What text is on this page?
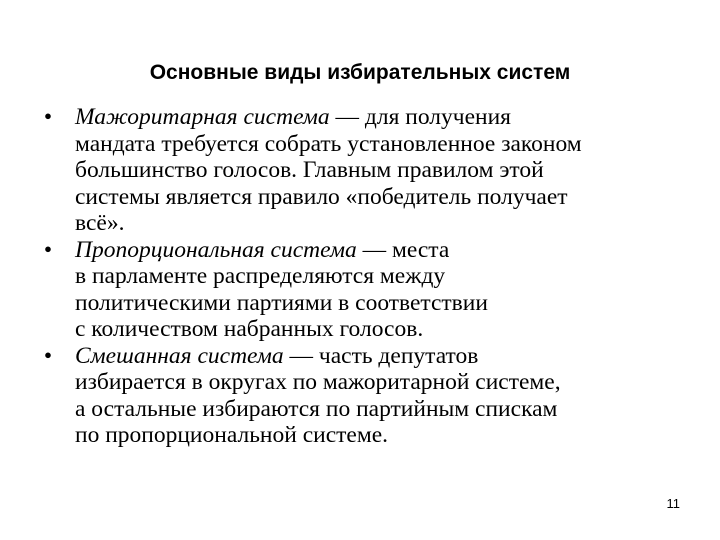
Основные виды избирательных систем
• Мажоритарная система — для получения
мандата требуется собрать установленное законом
большинство голосов. Главным правилом этой
системы является правило «победитель получает
всё».
• Пропорциональная система — места
в парламенте распределяются между
политическими партиями в соответствии
с количеством набранных голосов.
• Смешанная система — часть депутатов
избирается в округах по мажоритарной системе,
а остальные избираются по партийным спискам
по пропорциональной системе.
11
